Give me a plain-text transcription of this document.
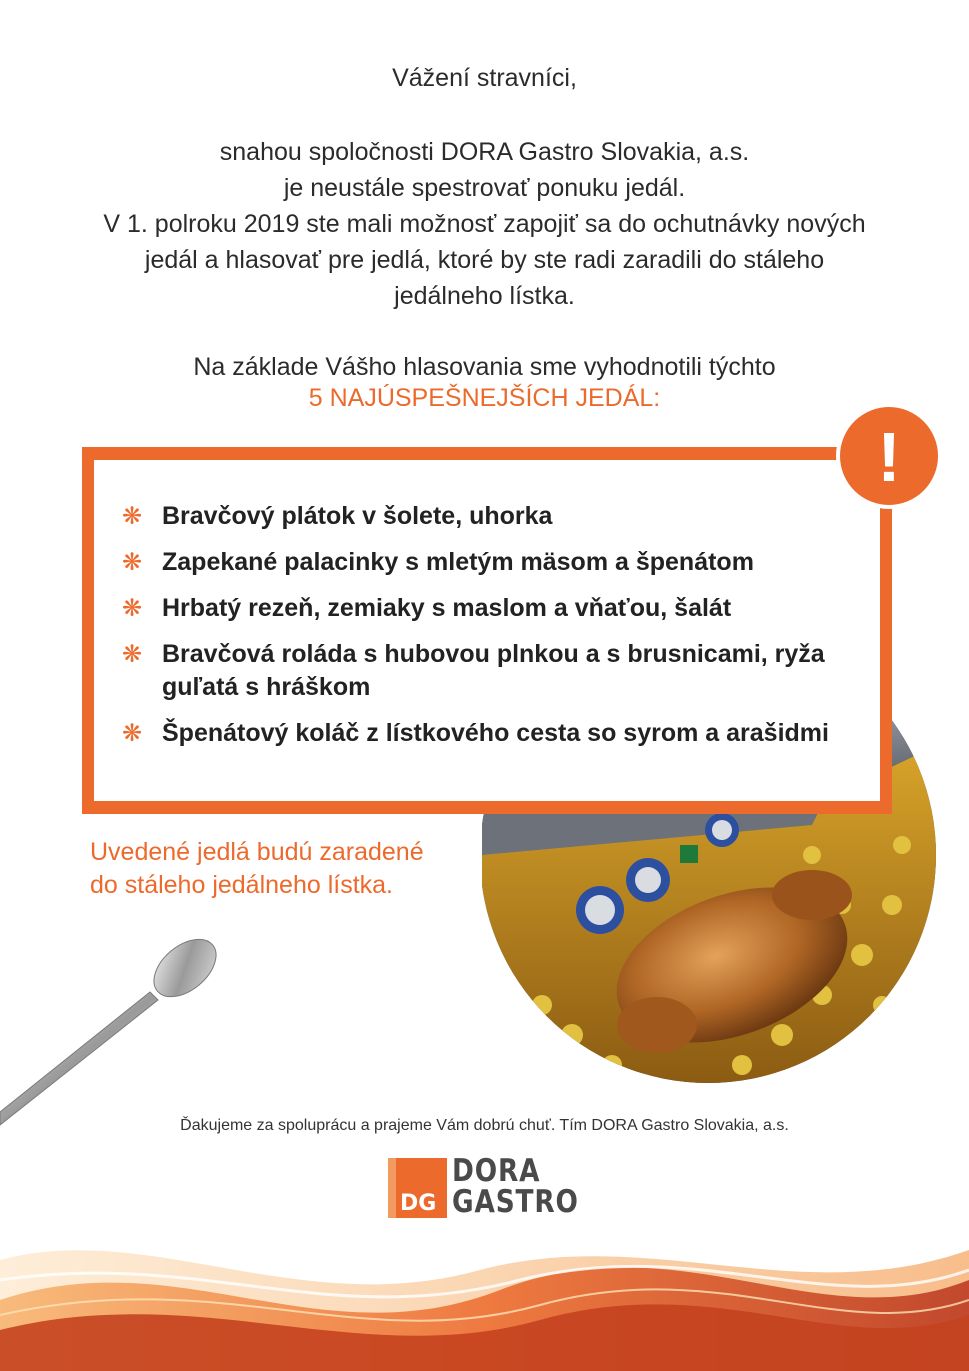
Vážení stravníci,
snahou spoločnosti DORA Gastro Slovakia, a.s.
je neustále spestrovať ponuku jedál.
V 1. polroku 2019 ste mali možnosť zapojiť sa do ochutnávky nových
jedál a hlasovať pre jedlá, ktoré by ste radi zaradili do stáleho
jedálneho lístka.
Na základe Vášho hlasovania sme vyhodnotili týchto
5 NAJÚSPEŠNEJŠÍCH JEDÁL:
❋ Bravčový plátok v šolete, uhorka
❋ Zapekané palacinky s mletým mäsom a špenátom
❋ Hrbatý rezeň, zemiaky s maslom a vňaťou, šalát
❋ Bravčová roláda s hubovou plnkou a s brusnicami, ryža guľatá s hráškom
❋ Špenátový koláč z lístkového cesta so syrom a arašidmi
!
Uvedené jedlá budú zaradené
do stáleho jedálneho lístka.
Ďakujeme za spoluprácu a prajeme Vám dobrú chuť. Tím DORA Gastro Slovakia, a.s.
DG
DORA
GASTRO
